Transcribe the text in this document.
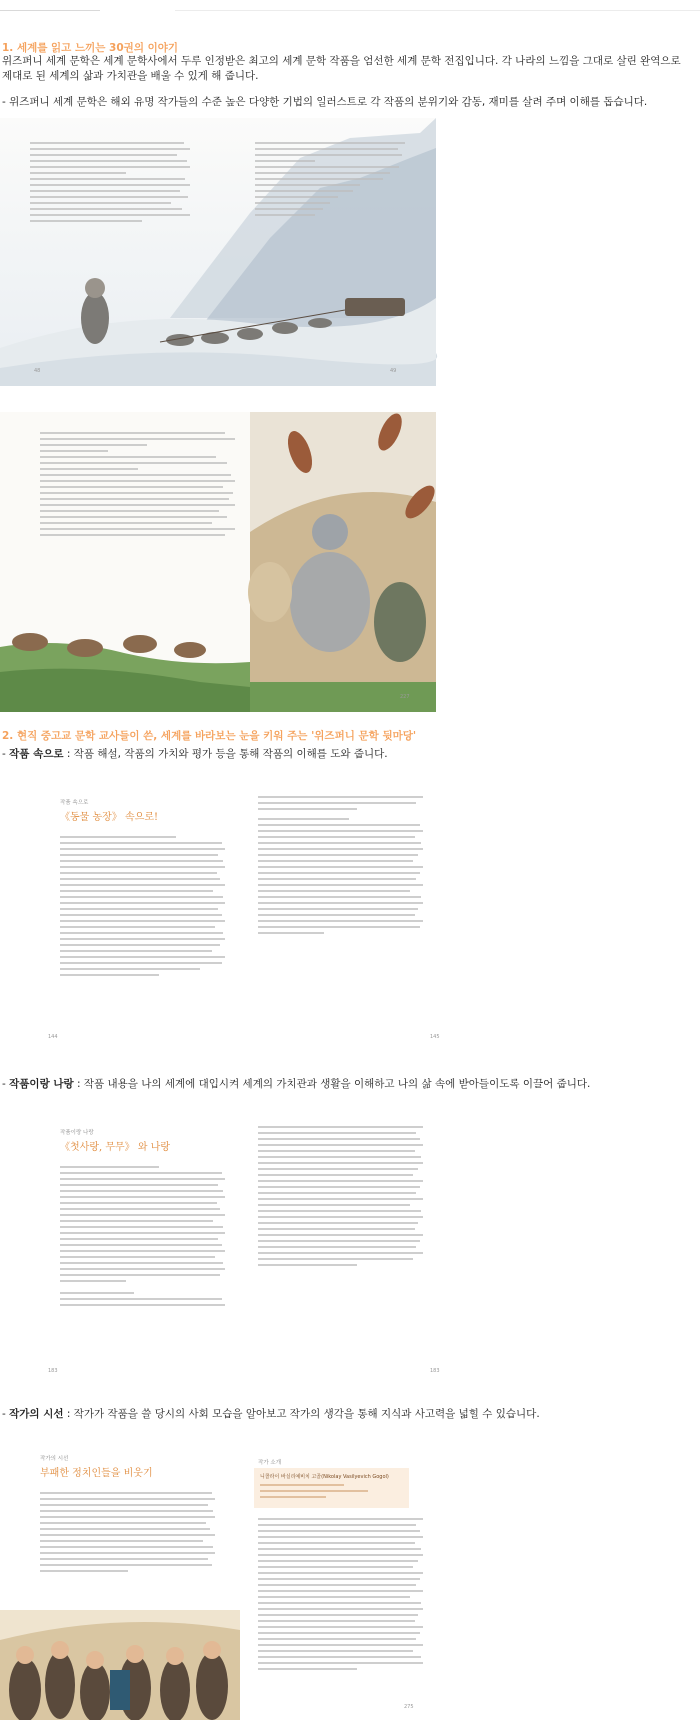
1. 세계를 읽고 느끼는 30권의 이야기
위즈퍼니 세계 문학은 세계 문학사에서 두루 인정받은 최고의 세계 문학 작품을 엄선한 세계 문학 전집입니다. 각 나라의 느낌을 그대로 살린 완역으로 제대로 된 세계의 삶과 가치관을 배울 수 있게 해 줍니다.
- 위즈퍼니 세계 문학은 해외 유명 작가들의 수준 높은 다양한 기법의 일러스트로 각 작품의 분위기와 감동, 재미를 살려 주며 이해를 돕습니다.
48	49
227
2. 현직 중고교 문학 교사들이 쓴, 세계를 바라보는 눈을 키워 주는 '위즈퍼니 문학 뒷마당'
- 작품 속으로 : 작품 해설, 작품의 가치와 평가 등을 통해 작품의 이해를 도와 줍니다.
작품 속으로
《동물 농장》 속으로!
144	145
- 작품이랑 나랑 : 작품 내용을 나의 세계에 대입시켜 세계의 가치관과 생활을 이해하고 나의 삶 속에 받아들이도록 이끌어 줍니다.
작품이랑 나랑
《첫사랑, 무무》 와 나랑
183	183
- 작가의 시선 : 작가가 작품을 쓸 당시의 사회 모습을 알아보고 작가의 생각을 통해 지식과 사고력을 넓힐 수 있습니다.
작가의 시선
부패한 정치인들을 비웃기
작가 소개
니콜라이 바실리예비치 고골(Nikolay Vasilyevich Gogol)
275
